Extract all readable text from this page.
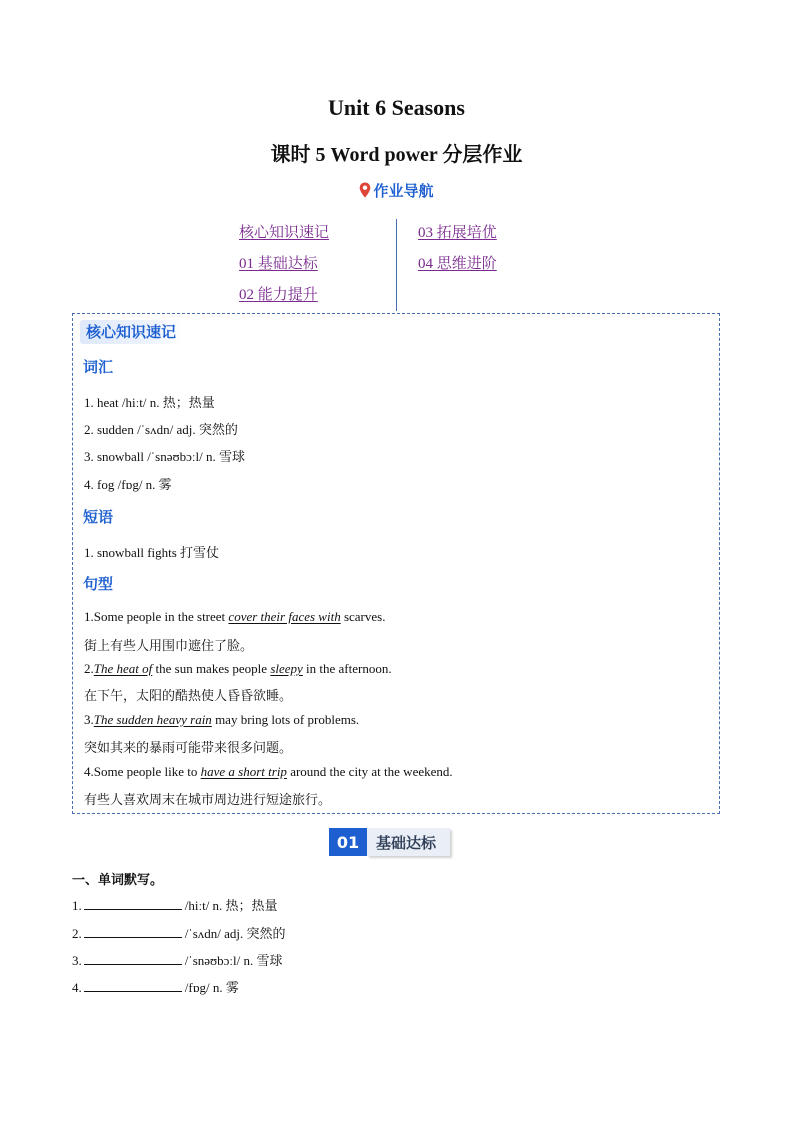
Unit 6 Seasons
课时 5 Word power 分层作业
作业导航
核心知识速记
01 基础达标
02 能力提升
03 拓展培优
04 思维进阶
核心知识速记
词汇
1. heat /hiːt/ n. 热；热量
2. sudden /ˈsʌdn/ adj. 突然的
3. snowball /ˈsnəʊbɔːl/ n. 雪球
4. fog /fɒg/ n. 雾
短语
1. snowball fights 打雪仗
句型
1.Some people in the street cover their faces with scarves.
街上有些人用围巾遮住了脸。
2.The heat of the sun makes people sleepy in the afternoon.
在下午，太阳的酷热使人昏昏欲睡。
3.The sudden heavy rain may bring lots of problems.
突如其来的暴雨可能带来很多问题。
4.Some people like to have a short trip around the city at the weekend.
有些人喜欢周末在城市周边进行短途旅行。
01	基础达标
一、单词默写。
1.	/hiːt/ n. 热；热量
2.	/ˈsʌdn/ adj. 突然的
3.	/ˈsnəʊbɔːl/ n. 雪球
4.	/fɒg/ n. 雾
